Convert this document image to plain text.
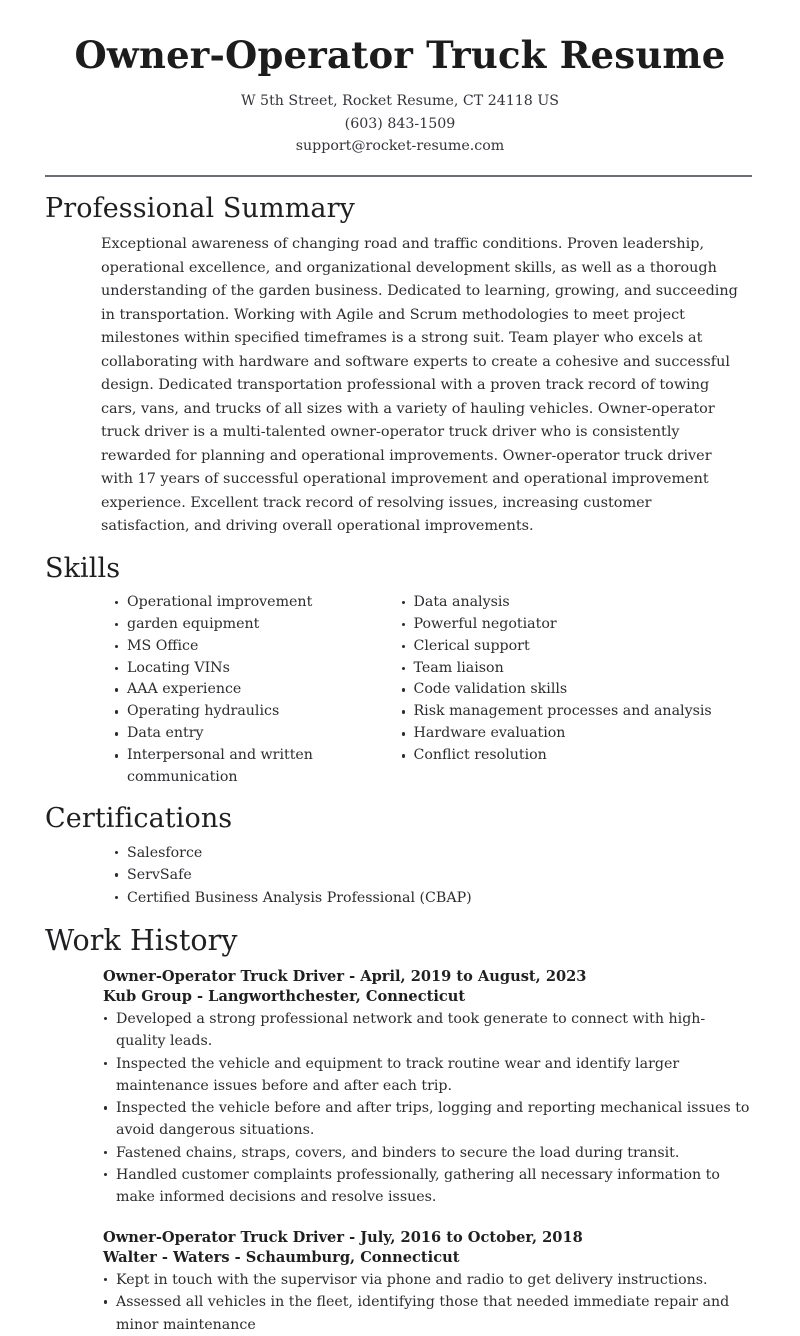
Owner-Operator Truck Resume
W 5th Street, Rocket Resume, CT 24118 US
(603) 843-1509
support@rocket-resume.com
Professional Summary

Exceptional awareness of changing road and traffic conditions. Proven leadership, operational excellence, and organizational development skills, as well as a thorough understanding of the garden business. Dedicated to learning, growing, and succeeding in transportation. Working with Agile and Scrum methodologies to meet project milestones within specified timeframes is a strong suit. Team player who excels at collaborating with hardware and software experts to create a cohesive and successful design. Dedicated transportation professional with a proven track record of towing cars, vans, and trucks of all sizes with a variety of hauling vehicles. Owner-operator truck driver is a multi-talented owner-operator truck driver who is consistently rewarded for planning and operational improvements. Owner-operator truck driver with 17 years of successful operational improvement and operational improvement experience. Excellent track record of resolving issues, increasing customer satisfaction, and driving overall operational improvements.

Skills
Operational improvement
garden equipment
MS Office
Locating VINs
AAA experience
Operating hydraulics
Data entry
Interpersonal and written communication
Data analysis
Powerful negotiator
Clerical support
Team liaison
Code validation skills
Risk management processes and analysis
Hardware evaluation
Conflict resolution
Certifications
Salesforce
ServSafe
Certified Business Analysis Professional (CBAP)
Work History
Owner-Operator Truck Driver - April, 2019 to August, 2023
Kub Group - Langworthchester, Connecticut
Developed a strong professional network and took generate to connect with high-quality leads.
Inspected the vehicle and equipment to track routine wear and identify larger maintenance issues before and after each trip.
Inspected the vehicle before and after trips, logging and reporting mechanical issues to avoid dangerous situations.
Fastened chains, straps, covers, and binders to secure the load during transit.
Handled customer complaints professionally, gathering all necessary information to make informed decisions and resolve issues.
Owner-Operator Truck Driver - July, 2016 to October, 2018
Walter - Waters - Schaumburg, Connecticut
Kept in touch with the supervisor via phone and radio to get delivery instructions.
Assessed all vehicles in the fleet, identifying those that needed immediate repair and minor maintenance
